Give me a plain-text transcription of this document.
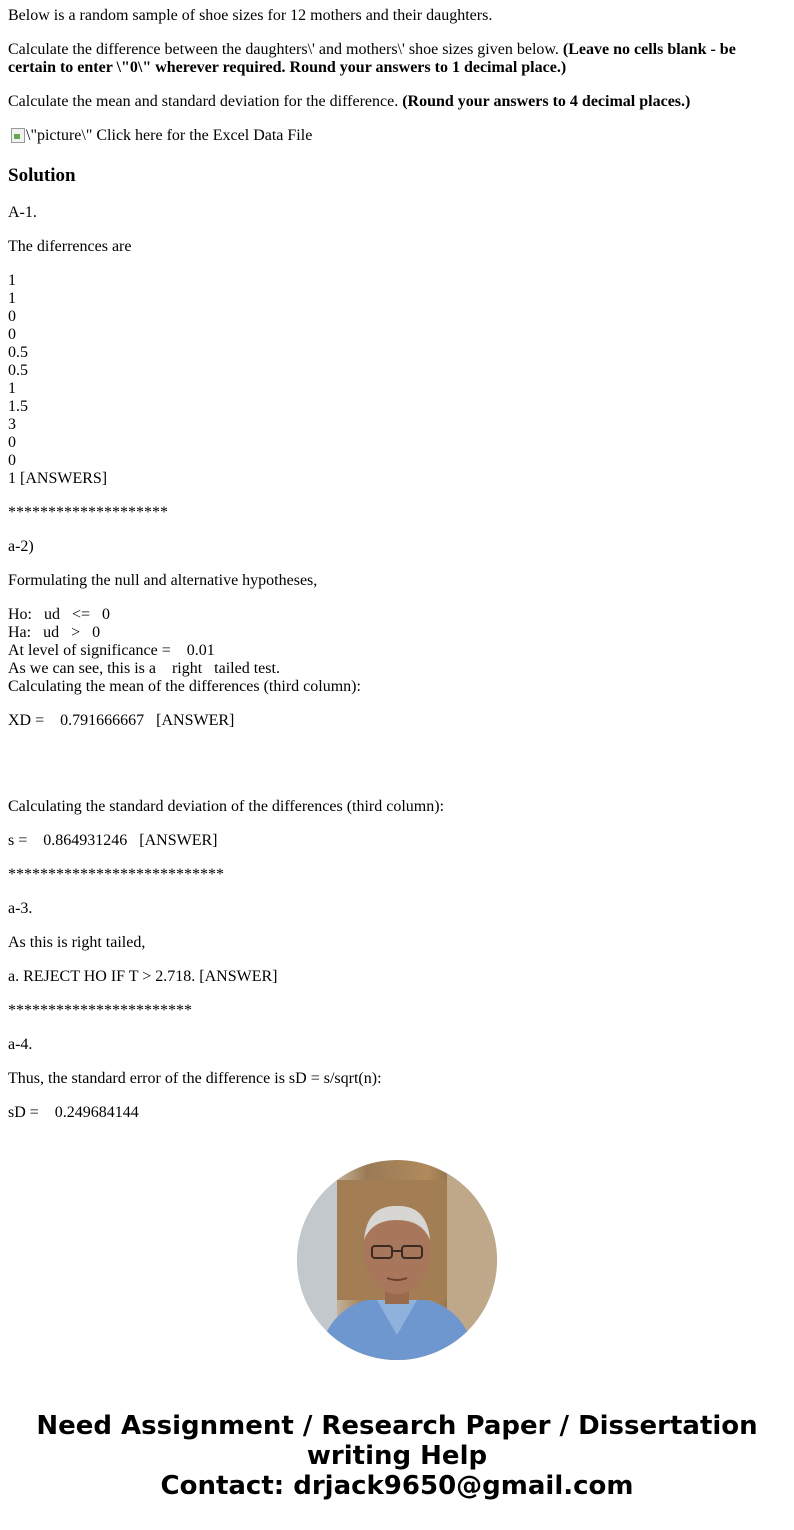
Below is a random sample of shoe sizes for 12 mothers and their daughters.

Calculate the difference between the daughters\' and mothers\' shoe sizes given below. (Leave no cells blank - be certain to enter \"0\" wherever required. Round your answers to 1 decimal place.)

Calculate the mean and standard deviation for the difference. (Round your answers to 4 decimal places.)

\"picture\" Click here for the Excel Data File

Solution

A-1.

The diferrences are

1
1
0
0
0.5
0.5
1
1.5
3
0
0
1 [ANSWERS]

********************

a-2)

Formulating the null and alternative hypotheses,

Ho:   ud   <=   0
Ha:   ud   >   0
At level of significance =    0.01
As we can see, this is a    right   tailed test.
Calculating the mean of the differences (third column):

XD =    0.791666667   [ANSWER]

Calculating the standard deviation of the differences (third column):

s =    0.864931246   [ANSWER]

***************************

a-3.

As this is right tailed,

a. REJECT HO IF T > 2.718. [ANSWER]

***********************

a-4.

Thus, the standard error of the difference is sD = s/sqrt(n):

sD =    0.249684144

Need Assignment / Research Paper / Dissertation
writing Help
Contact: drjack9650@gmail.com
